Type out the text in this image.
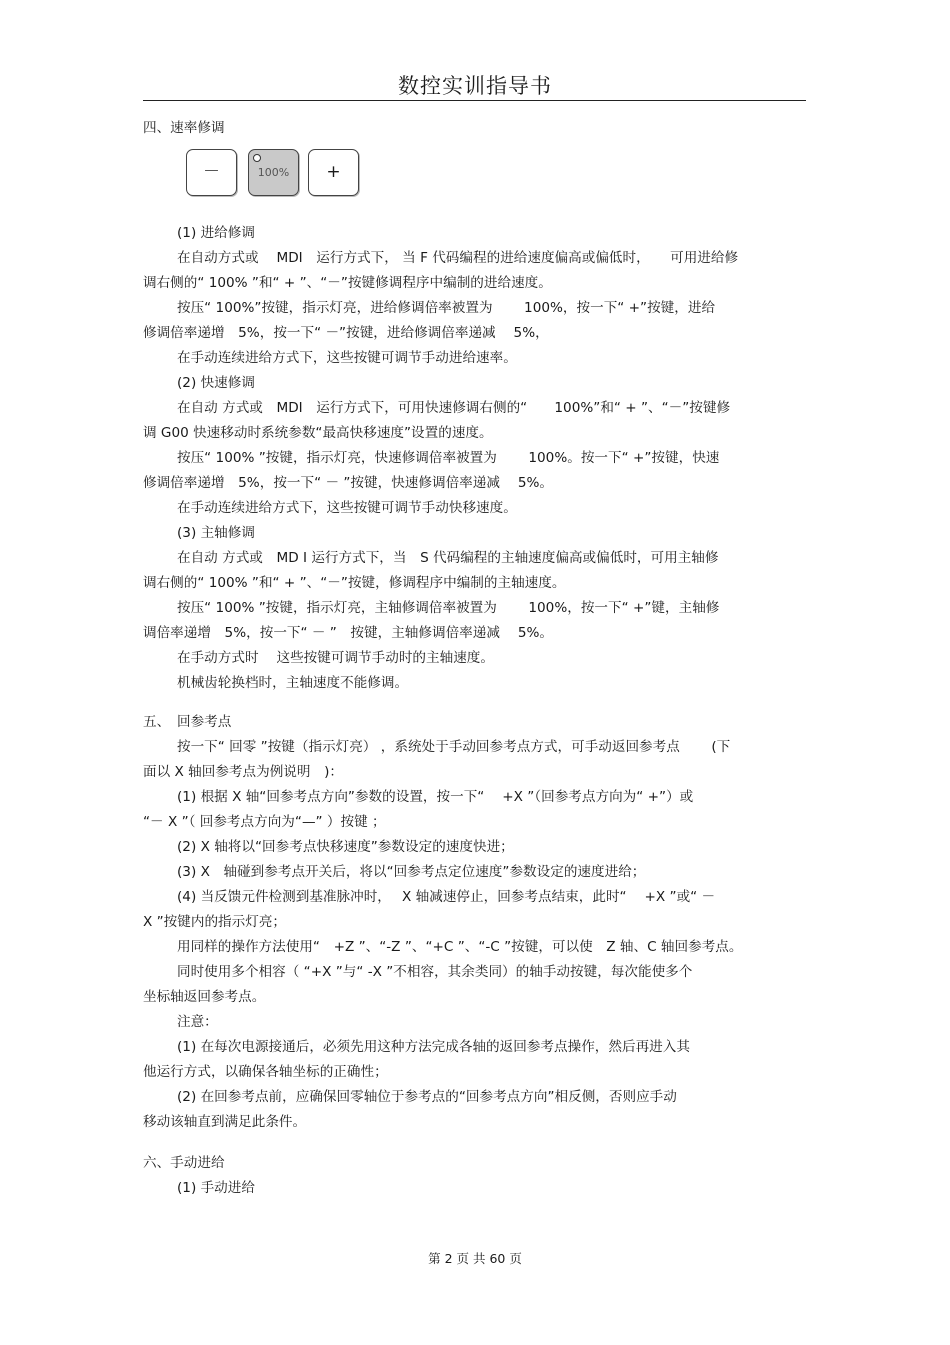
数控实训指导书

四、速率修调

－	100%	+

(1) 进给修调

在自动方式或　 MDI　运行方式下， 当 F 代码编程的进给速度偏高或偏低时，　　可用进给修

调右侧的“ 100% ”和“ + ”、“－”按键修调程序中编制的进给速度。

按压“ 100%”按键，指示灯亮，进给修调倍率被置为　　 100%，按一下“ +”按键，进给

修调倍率递增　5%，按一下“ －”按键，进给修调倍率递减　 5%，

在手动连续进给方式下，这些按键可调节手动进给速率。

(2) 快速修调

在自动 方式或　MDI　运行方式下，可用快速修调右侧的“　　100%”和“ + ”、“－”按键修

调 G00 快速移动时系统参数“最高快移速度”设置的速度。

按压“ 100% ”按键，指示灯亮，快速修调倍率被置为　　 100%。按一下“ +”按键，快速

修调倍率递增　5%，按一下“ － ”按键，快速修调倍率递减　 5%。

在手动连续进给方式下，这些按键可调节手动快移速度。

(3) 主轴修调

在自动 方式或　MD I 运行方式下，当　S 代码编程的主轴速度偏高或偏低时，可用主轴修

调右侧的“ 100% ”和“ + ”、“－”按键，修调程序中编制的主轴速度。

按压“ 100% ”按键，指示灯亮，主轴修调倍率被置为　　 100%，按一下“ +”键，主轴修

调倍率递增　5%，按一下“ － ”　按键，主轴修调倍率递减　 5%。

在手动方式时　 这些按键可调节手动时的主轴速度。

机械齿轮换档时，主轴速度不能修调。

五、　回参考点

按一下“ 回零 ”按键（指示灯亮） ，系统处于手动回参考点方式，可手动返回参考点　　 (下

面以 X 轴回参考点为例说明　)：

(1) 根据 X 轴“回参考点方向”参数的设置，按一下“　 +X ”（回参考点方向为“ +”）或

“－ X ”（ 回参考点方向为“—” ）按键 ；

(2) X 轴将以“回参考点快移速度”参数设定的速度快进；

(3) X　轴碰到参考点开关后，将以“回参考点定位速度”参数设定的速度进给；

(4) 当反馈元件检测到基准脉冲时，　 X 轴减速停止，回参考点结束，此时“　 +X ”或“ －

X ”按键内的指示灯亮；

用同样的操作方法使用“　+Z ”、“-Z ”、“+C ”、“-C ”按键，可以使　Z 轴、C 轴回参考点。

同时使用多个相容（ “+X ”与“ -X ”不相容，其余类同）的轴手动按键，每次能使多个

坐标轴返回参考点。

注意：

(1) 在每次电源接通后，必须先用这种方法完成各轴的返回参考点操作，然后再进入其

他运行方式，以确保各轴坐标的正确性；

(2) 在回参考点前，应确保回零轴位于参考点的“回参考点方向”相反侧，否则应手动

移动该轴直到满足此条件。

六、手动进给

(1) 手动进给

第 2 页 共 60 页
